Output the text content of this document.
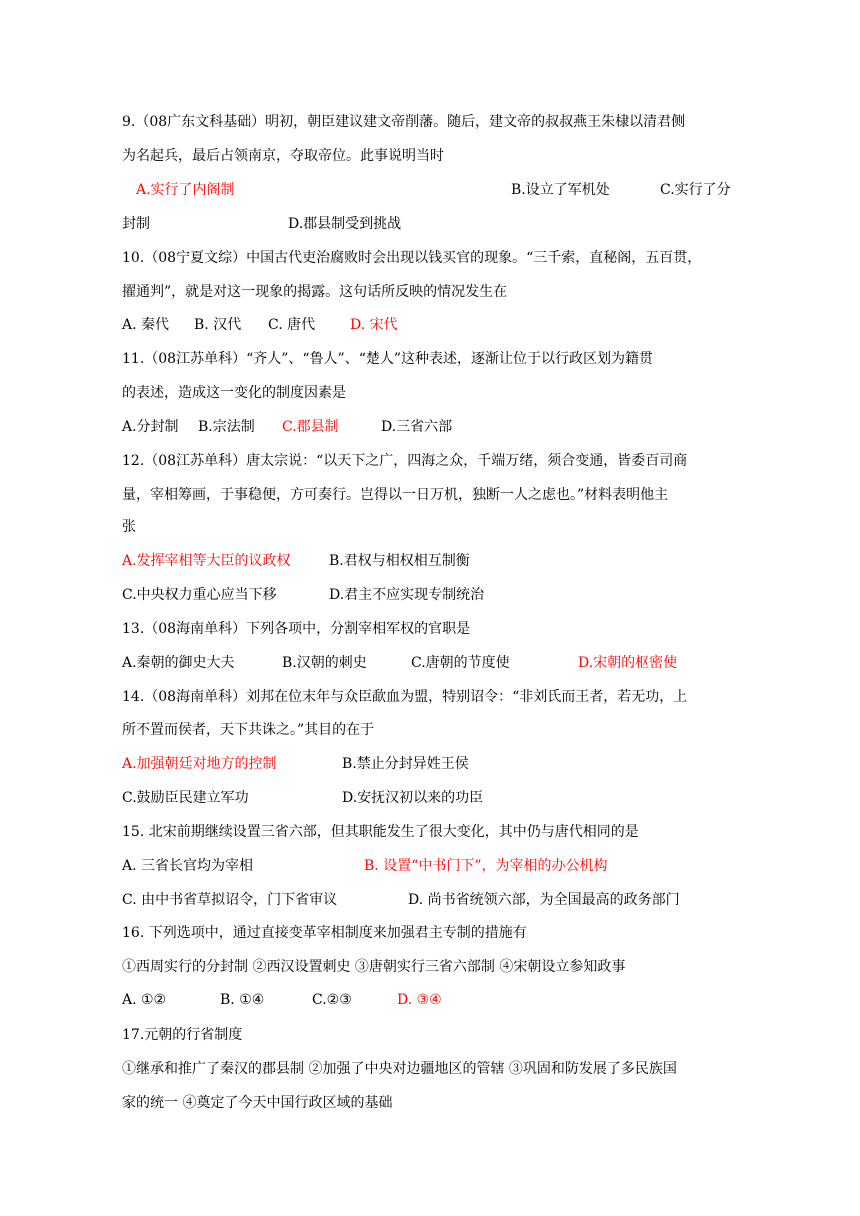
9.（08广东文科基础）明初，朝臣建议建文帝削藩。随后，建文帝的叔叔燕王朱棣以清君侧
为名起兵，最后占领南京，夺取帝位。此事说明当时
A.实行了内阁制	B.设立了军机处	C.实行了分
封制	D.郡县制受到挑战
10.（08宁夏文综）中国古代吏治腐败时会出现以钱买官的现象。“三千索，直秘阁，五百贯，
擢通判”，就是对这一现象的揭露。这句话所反映的情况发生在
A. 秦代 B. 汉代 C. 唐代 D. 宋代
11.（08江苏单科）“齐人”、“鲁人”、“楚人”这种表述，逐渐让位于以行政区划为籍贯
的表述，造成这一变化的制度因素是
A.分封制 B.宗法制 C.郡县制	D.三省六部
12.（08江苏单科）唐太宗说：“以天下之广，四海之众，千端万绪，须合变通，皆委百司商
量，宰相筹画，于事稳便，方可奏行。岂得以一日万机，独断一人之虑也。”材料表明他主
张
A.发挥宰相等大臣的议政权	B.君权与相权相互制衡
C.中央权力重心应当下移	D.君主不应实现专制统治
13.（08海南单科）下列各项中，分割宰相军权的官职是
A.秦朝的御史大夫	B.汉朝的刺史	C.唐朝的节度使	D.宋朝的枢密使
14.（08海南单科）刘邦在位末年与众臣歃血为盟，特别诏令：“非刘氏而王者，若无功，上
所不置而侯者，天下共诛之。”其目的在于
A.加强朝廷对地方的控制	B.禁止分封异姓王侯
C.鼓励臣民建立军功	D.安抚汉初以来的功臣
15. 北宋前期继续设置三省六部，但其职能发生了很大变化，其中仍与唐代相同的是
A. 三省长官均为宰相	B. 设置“中书门下”，为宰相的办公机构
C. 由中书省草拟诏令，门下省审议	D. 尚书省统领六部，为全国最高的政务部门
16. 下列选项中，通过直接变革宰相制度来加强君主专制的措施有
①西周实行的分封制 ②西汉设置刺史 ③唐朝实行三省六部制 ④宋朝设立参知政事
A. ①②	B. ①④	C.②③	D. ③④
17.元朝的行省制度
①继承和推广了秦汉的郡县制 ②加强了中央对边疆地区的管辖 ③巩固和防发展了多民族国
家的统一 ④奠定了今天中国行政区域的基础
